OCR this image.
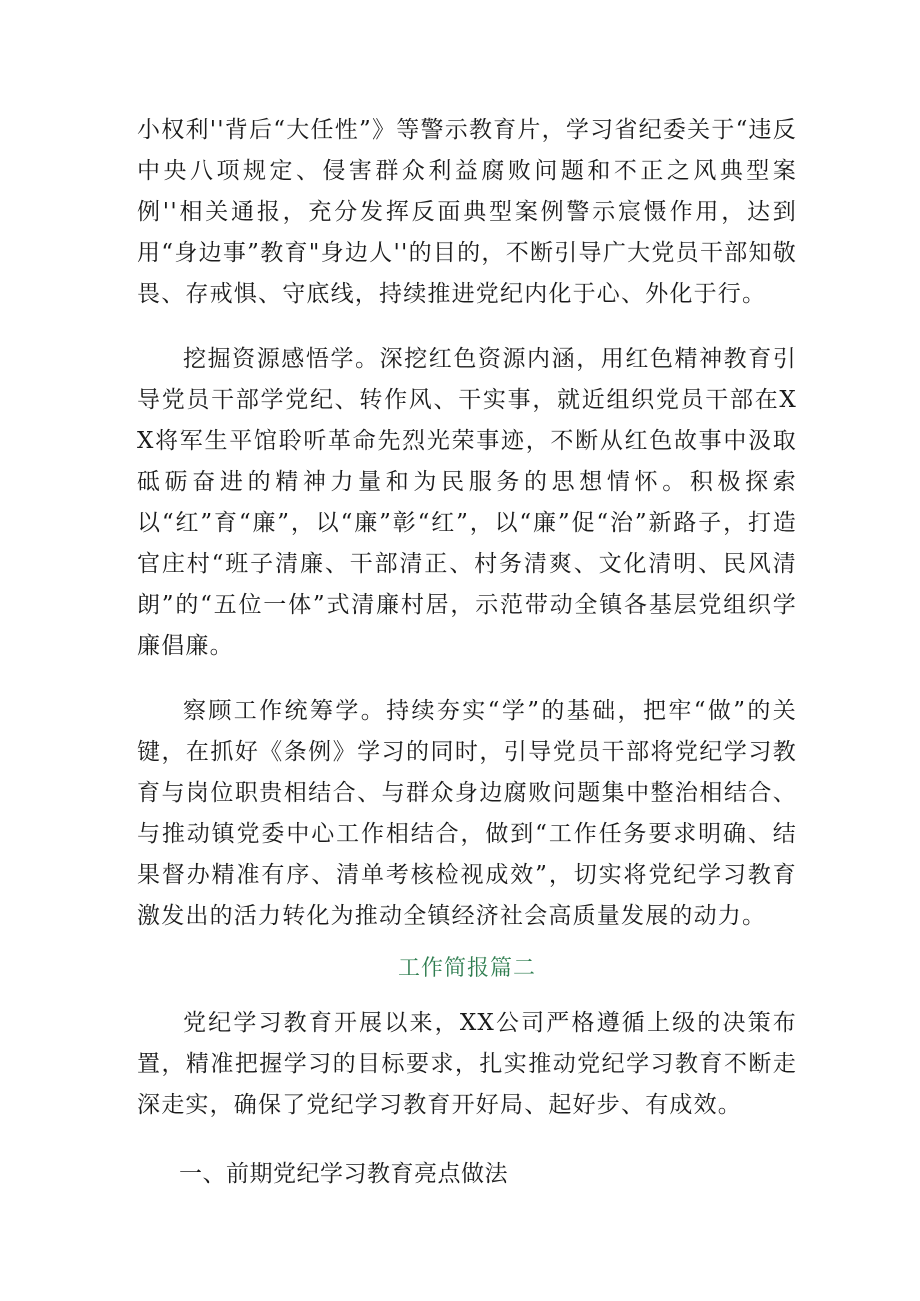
小权利''背后“大任性”》等警示教育片，学习省纪委关于“违反中央八项规定、侵害群众利益腐败问题和不正之风典型案例''相关通报，充分发挥反面典型案例警示宸慑作用，达到用“身边事”教育"身边人''的目的，不断引导广大党员干部知敬畏、存戒惧、守底线，持续推进党纪内化于心、外化于行。

挖掘资源感悟学。深挖红色资源内涵，用红色精神教育引导党员干部学党纪、转作风、干实事，就近组织党员干部在XX将军生平馆聆听革命先烈光荣事迹，不断从红色故事中汲取砥砺奋进的精神力量和为民服务的思想情怀。积极探索以“红”育“廉”，以“廉”彰“红”，以“廉”促“治”新路子，打造官庄村“班子清廉、干部清正、村务清爽、文化清明、民风清朗”的“五位一体”式清廉村居，示范带动全镇各基层党组织学廉倡廉。

察顾工作统筹学。持续夯实“学”的基础，把牢“做”的关键，在抓好《条例》学习的同时，引导党员干部将党纪学习教育与岗位职贵相结合、与群众身边腐败问题集中整治相结合、与推动镇党委中心工作相结合，做到“工作任务要求明确、结果督办精准有序、清单考核检视成效”，切实将党纪学习教育激发出的活力转化为推动全镇经济社会高质量发展的动力。

工作简报篇二

党纪学习教育开展以来，XX公司严格遵循上级的决策布置，精准把握学习的目标要求，扎实推动党纪学习教育不断走深走实，确保了党纪学习教育开好局、起好步、有成效。

一、前期党纪学习教育亮点做法
